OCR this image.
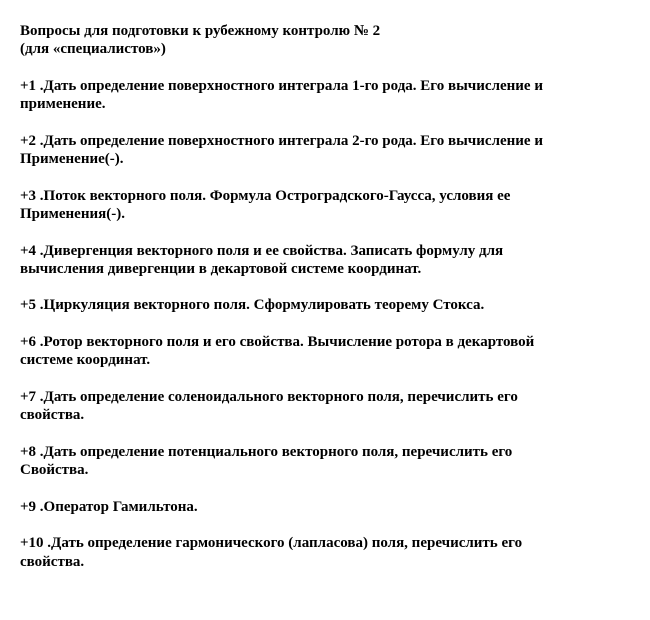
Вопросы для подготовки к рубежному контролю № 2
(для «специалистов»)
+1 .Дать определение поверхностного интеграла 1-го рода. Его вычисление и
применение.
+2 .Дать определение поверхностного интеграла 2-го рода. Его вычисление и
Применение(-).
+3 .Поток векторного поля. Формула Остроградского-Гаусса, условия ее
Применения(-).
+4 .Дивергенция векторного поля и ее свойства. Записать формулу для
вычисления дивергенции в декартовой системе координат.
+5 .Циркуляция векторного поля. Сформулировать теорему Стокса.
+6 .Ротор векторного поля и его свойства. Вычисление ротора в декартовой
системе координат.
+7 .Дать определение соленоидального векторного поля, перечислить его
свойства.
+8 .Дать определение потенциального векторного поля, перечислить его
Свойства.
+9 .Оператор Гамильтона.
+10 .Дать определение гармонического (лапласова) поля, перечислить его
свойства.
